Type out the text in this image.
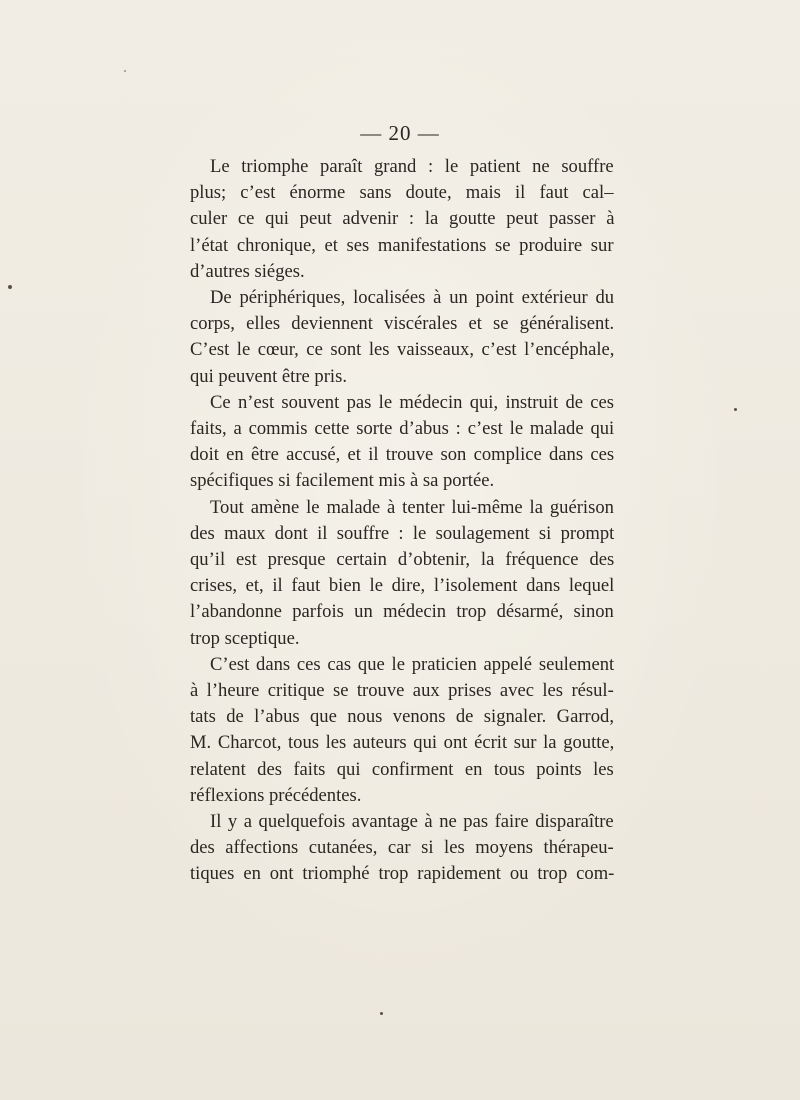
— 20 —

Le triomphe paraît grand : le patient ne souffre
plus; c’est énorme sans doute, mais il faut cal–
culer ce qui peut advenir : la goutte peut passer à
l’état chronique, et ses manifestations se produire sur
d’autres siéges.

De périphériques, localisées à un point extérieur du
corps, elles deviennent viscérales et se généralisent.
C’est le cœur, ce sont les vaisseaux, c’est l’encéphale,
qui peuvent être pris.

Ce n’est souvent pas le médecin qui, instruit de ces
faits, a commis cette sorte d’abus : c’est le malade qui
doit en être accusé, et il trouve son complice dans ces
spécifiques si facilement mis à sa portée.

Tout amène le malade à tenter lui-même la guérison
des maux dont il souffre : le soulagement si prompt
qu’il est presque certain d’obtenir, la fréquence des
crises, et, il faut bien le dire, l’isolement dans lequel
l’abandonne parfois un médecin trop désarmé, sinon
trop sceptique.

C’est dans ces cas que le praticien appelé seulement
à l’heure critique se trouve aux prises avec les résul-
tats de l’abus que nous venons de signaler. Garrod,
M. Charcot, tous les auteurs qui ont écrit sur la goutte,
relatent des faits qui confirment en tous points les
réflexions précédentes.

Il y a quelquefois avantage à ne pas faire disparaître
des affections cutanées, car si les moyens thérapeu-
tiques en ont triomphé trop rapidement ou trop com-
